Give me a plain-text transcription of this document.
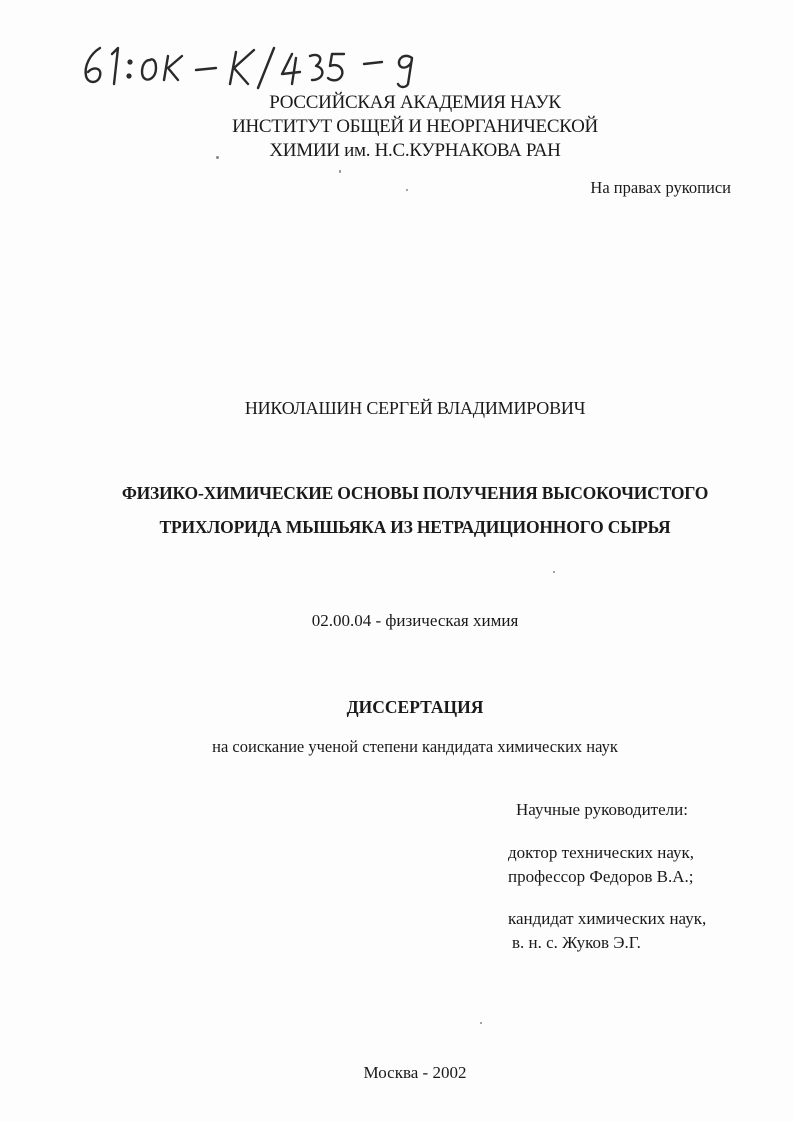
РОССИЙСКАЯ АКАДЕМИЯ НАУК
ИНСТИТУТ ОБЩЕЙ И НЕОРГАНИЧЕСКОЙ
ХИМИИ им. Н.С.КУРНАКОВА РАН
На правах рукописи
НИКОЛАШИН СЕРГЕЙ ВЛАДИМИРОВИЧ
ФИЗИКО-ХИМИЧЕСКИЕ ОСНОВЫ ПОЛУЧЕНИЯ ВЫСОКОЧИСТОГО
ТРИХЛОРИДА МЫШЬЯКА ИЗ НЕТРАДИЦИОННОГО СЫРЬЯ
02.00.04 - физическая химия
ДИССЕРТАЦИЯ
на соискание ученой степени кандидата химических наук
Научные руководители:
доктор технических наук,
профессор Федоров В.А.;
кандидат химических наук,
в. н. с. Жуков Э.Г.
Москва - 2002
